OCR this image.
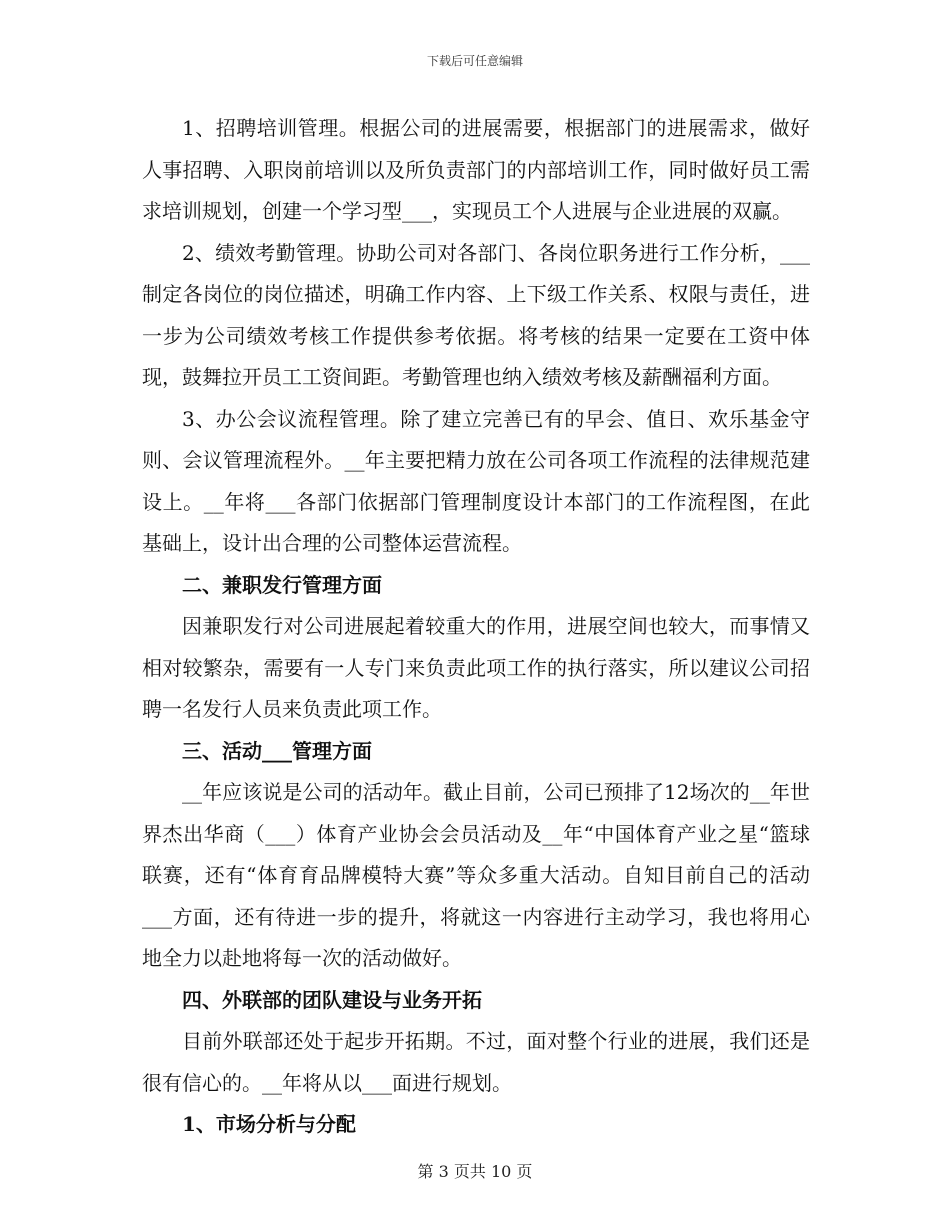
下载后可任意编辑

1、招聘培训管理。根据公司的进展需要，根据部门的进展需求，做好人事招聘、入职岗前培训以及所负责部门的内部培训工作，同时做好员工需求培训规划，创建一个学习型___，实现员工个人进展与企业进展的双赢。

2、绩效考勤管理。协助公司对各部门、各岗位职务进行工作分析，___制定各岗位的岗位描述，明确工作内容、上下级工作关系、权限与责任，进一步为公司绩效考核工作提供参考依据。将考核的结果一定要在工资中体现，鼓舞拉开员工工资间距。考勤管理也纳入绩效考核及薪酬福利方面。

3、办公会议流程管理。除了建立完善已有的早会、值日、欢乐基金守则、会议管理流程外。__年主要把精力放在公司各项工作流程的法律规范建设上。__年将___各部门依据部门管理制度设计本部门的工作流程图，在此基础上，设计出合理的公司整体运营流程。

二、兼职发行管理方面

因兼职发行对公司进展起着较重大的作用，进展空间也较大，而事情又相对较繁杂，需要有一人专门来负责此项工作的执行落实，所以建议公司招聘一名发行人员来负责此项工作。

三、活动___管理方面

__年应该说是公司的活动年。截止目前，公司已预排了12场次的__年世界杰出华商（___）体育产业协会会员活动及__年“中国体育产业之星“篮球联赛，还有“体育育品牌模特大赛”等众多重大活动。自知目前自己的活动___方面，还有待进一步的提升，将就这一内容进行主动学习，我也将用心地全力以赴地将每一次的活动做好。

四、外联部的团队建设与业务开拓

目前外联部还处于起步开拓期。不过，面对整个行业的进展，我们还是很有信心的。__年将从以___面进行规划。

1、市场分析与分配

第 3 页共 10 页
